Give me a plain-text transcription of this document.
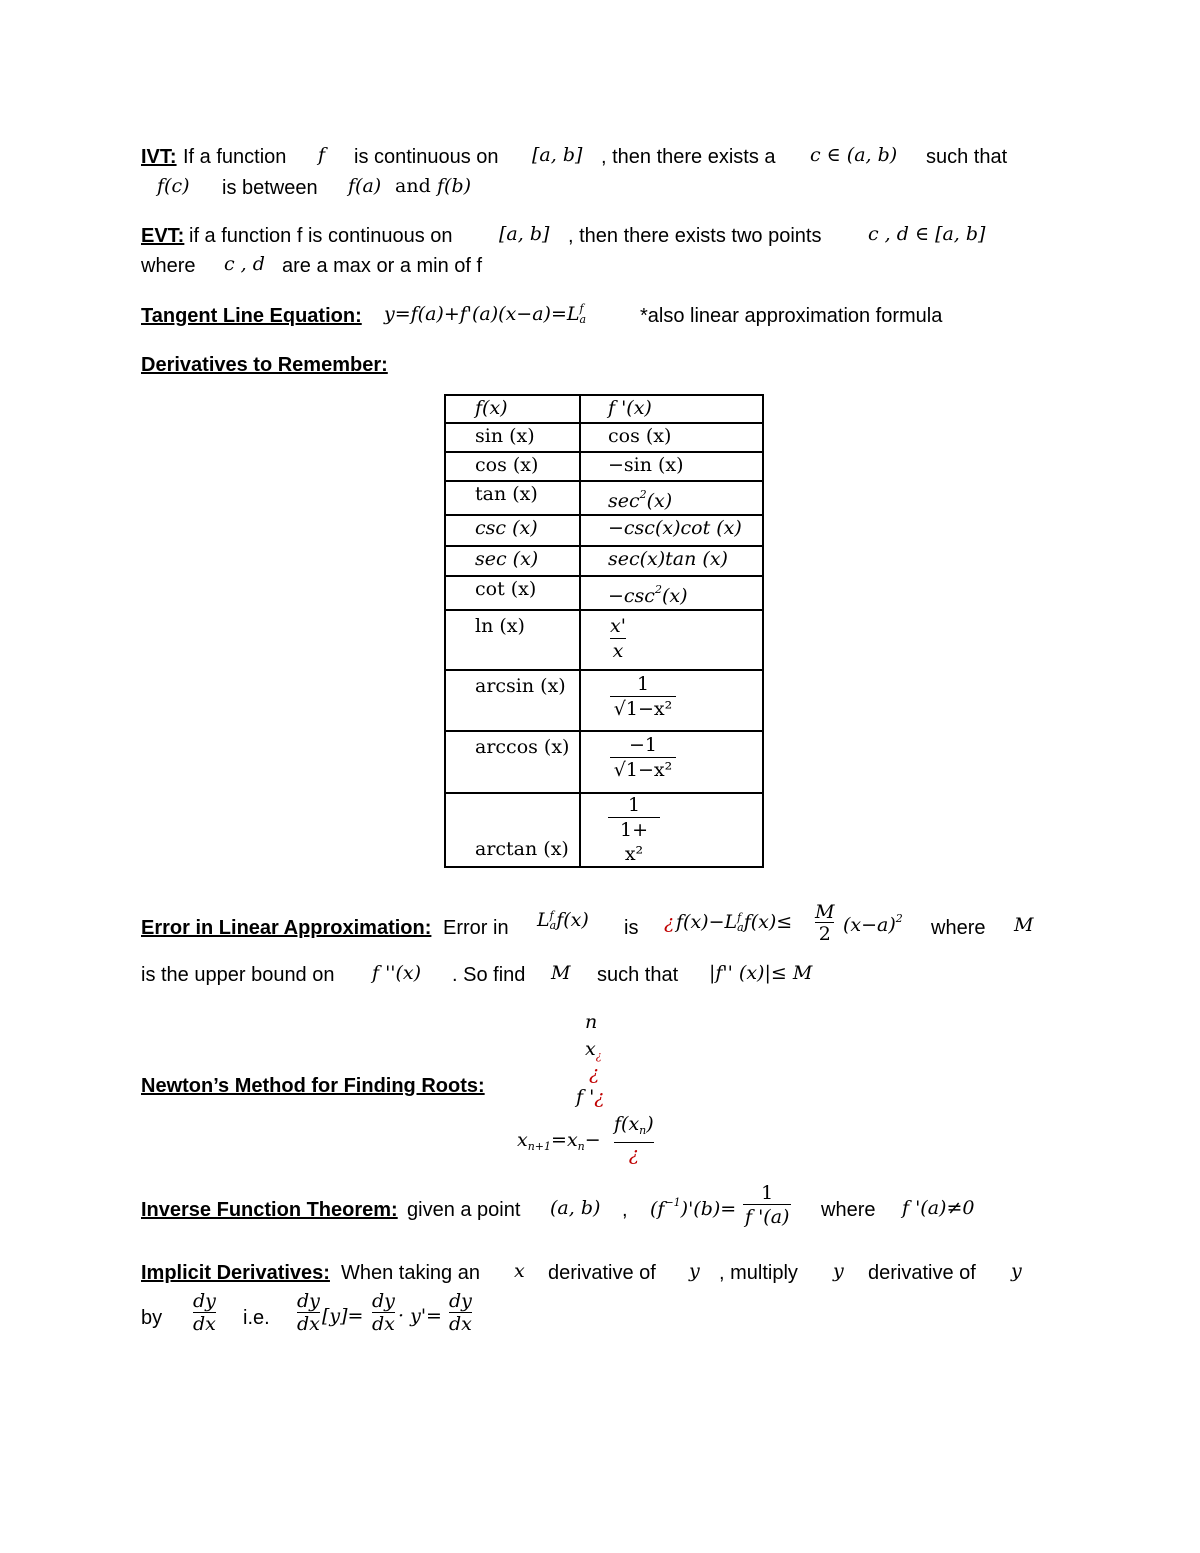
IVT: If a function f is continuous on [a, b] , then there exists a c ∈ (a, b) such that
f(c) is between f(a) and f(b)
EVT: if a function f is continuous on [a, b] , then there exists two points c , d ∈ [a, b]
where c , d are a max or a min of f
Tangent Line Equation: y=f(a)+f'(a)(x−a)=L f
a	*also linear approximation formula
Derivatives to Remember:
f(x)	f '(x)
sin (x)	cos (x)
cos (x)	−sin (x)
tan (x)	$\sec^2(x)$
csc (x)	−csc(x)cot (x)
sec (x)	sec(x)tan (x)
cot (x)	$-\csc^2(x)$
ln (x)	$\frac{x'}{x}$

arcsin (x)	$\frac{1}{\text{√1−x²}}$

arccos (x)	$\frac{-1}{\text{√1−x²}}$

arctan (x)	$\frac{1}{\text{1+ x²}}$
Error in Linear Approximation: Error in L f
a f(x) is ¿ f(x)−L f
a $f(x)\le \frac{M}{2} (x-a)^2$ where M
is the upper bound on f ''(x) . So find M such that |f'' (x)|≤ M
Newton’s Method for Finding Roots:
n
$x_¿$
¿
f '¿
$x_{n+1}=x_n-$
$f(x_n)$
¿
Inverse Function Theorem: given a point (a, b) , $(f^{-1})'(b)= \frac{1}{f '(a)}$ where f '(a)≠0
Implicit Derivatives: When taking an x derivative of y , multiply y derivative of y
by $\frac{dy}{dx} i.e$. $\frac{dy}{dx} [y]= \frac{dy}{dx} \cdot y'= \frac{dy}{dx}$
